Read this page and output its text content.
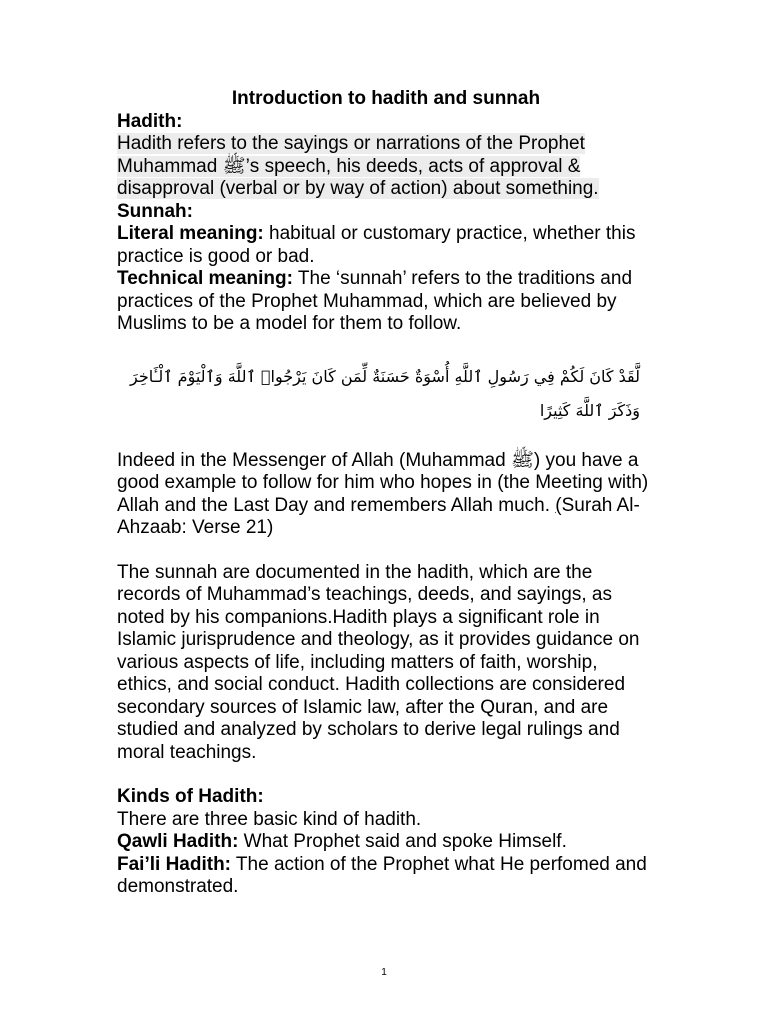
Introduction to hadith and sunnah
Hadith:
Hadith refers to the sayings or narrations of the Prophet Muhammad ﷺ’s speech, his deeds, acts of approval & disapproval (verbal or by way of action) about something.
Sunnah:
Literal meaning: habitual or customary practice, whether this practice is good or bad.
Technical meaning: The ‘sunnah’ refers to the traditions and practices of the Prophet Muhammad, which are believed by Muslims to be a model for them to follow.
لَّقَدْ كَانَ لَكُمْ فِي رَسُولِ ٱللَّهِ أُسْوَةٌ حَسَنَةٌ لِّمَن كَانَ يَرْجُوا۟ ٱللَّهَ وَٱلْيَوْمَ ٱلْـَٔاخِرَ وَذَكَرَ ٱللَّهَ كَثِيرًا
Indeed in the Messenger of Allah (Muhammad ﷺ) you have a good example to follow for him who hopes in (the Meeting with) Allah and the Last Day and remembers Allah much. (Surah Al-Ahzaab: Verse 21)
The sunnah are documented in the hadith, which are the records of Muhammad’s teachings, deeds, and sayings, as noted by his companions.Hadith plays a significant role in Islamic jurisprudence and theology, as it provides guidance on various aspects of life, including matters of faith, worship, ethics, and social conduct. Hadith collections are considered secondary sources of Islamic law, after the Quran, and are studied and analyzed by scholars to derive legal rulings and moral teachings.
Kinds of Hadith:
There are three basic kind of hadith.
Qawli Hadith: What Prophet said and spoke Himself.
Fai’li Hadith: The action of the Prophet what He perfomed and demonstrated.
1
